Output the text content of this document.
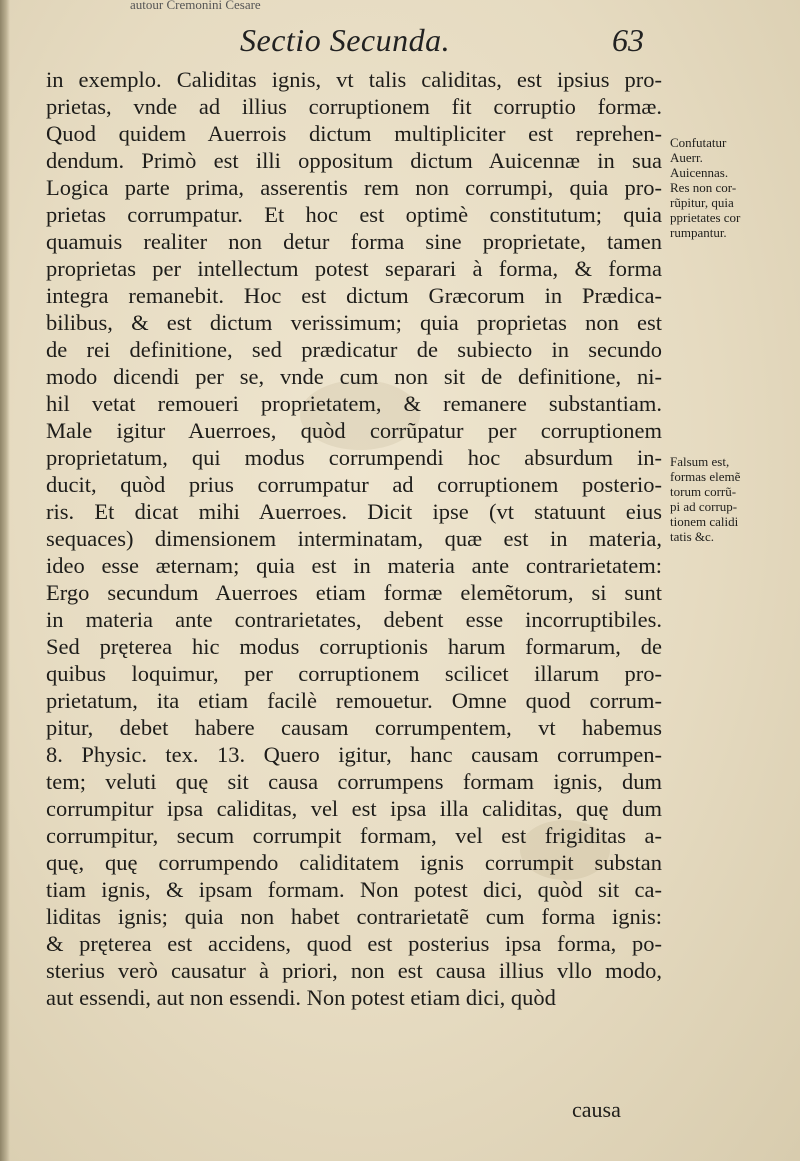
autour Cremonini Cesare
Sectio Secunda.	63
in exemplo. Caliditas ignis, vt talis caliditas, est ipsius pro-
prietas, vnde ad illius corruptionem fit corruptio formæ.
Quod quidem Auerrois dictum multipliciter est reprehen-
dendum. Primò est illi oppositum dictum Auicennæ in sua
Logica parte prima, asserentis rem non corrumpi, quia pro-
prietas corrumpatur. Et hoc est optimè constitutum; quia
quamuis realiter non detur forma sine proprietate, tamen
proprietas per intellectum potest separari à forma, & forma
integra remanebit. Hoc est dictum Græcorum in Prædica-
bilibus, & est dictum verissimum; quia proprietas non est
de rei definitione, sed prædicatur de subiecto in secundo
modo dicendi per se, vnde cum non sit de definitione, ni-
hil vetat remoueri proprietatem, & remanere substantiam.
Male igitur Auerroes, quòd corrũpatur per corruptionem
proprietatum, qui modus corrumpendi hoc absurdum in-
ducit, quòd prius corrumpatur ad corruptionem posterio-
ris. Et dicat mihi Auerroes. Dicit ipse (vt statuunt eius
sequaces) dimensionem interminatam, quæ est in materia,
ideo esse æternam; quia est in materia ante contrarietatem:
Ergo secundum Auerroes etiam formæ elemẽtorum, si sunt
in materia ante contrarietates, debent esse incorruptibiles.
Sed pręterea hic modus corruptionis harum formarum, de
quibus loquimur, per corruptionem scilicet illarum pro-
prietatum, ita etiam facilè remouetur. Omne quod corrum-
pitur, debet habere causam corrumpentem, vt habemus
8. Physic. tex. 13. Quero igitur, hanc causam corrumpen-
tem; veluti quę sit causa corrumpens formam ignis, dum
corrumpitur ipsa caliditas, vel est ipsa illa caliditas, quę dum
corrumpitur, secum corrumpit formam, vel est frigiditas a-
quę, quę corrumpendo caliditatem ignis corrumpit substan
tiam ignis, & ipsam formam. Non potest dici, quòd sit ca-
liditas ignis; quia non habet contrarietatẽ cum forma ignis:
& pręterea est accidens, quod est posterius ipsa forma, po-
sterius verò causatur à priori, non est causa illius vllo modo,
aut essendi, aut non essendi. Non potest etiam dici, quòd
Confutatur
Auerr.
Auicennas.
Res non cor-
rũpitur, quia
pprietates cor
rumpantur.
Falsum est,
formas elemẽ
torum corrũ-
pi ad corrup-
tionem calidi
tatis &c.
causa
